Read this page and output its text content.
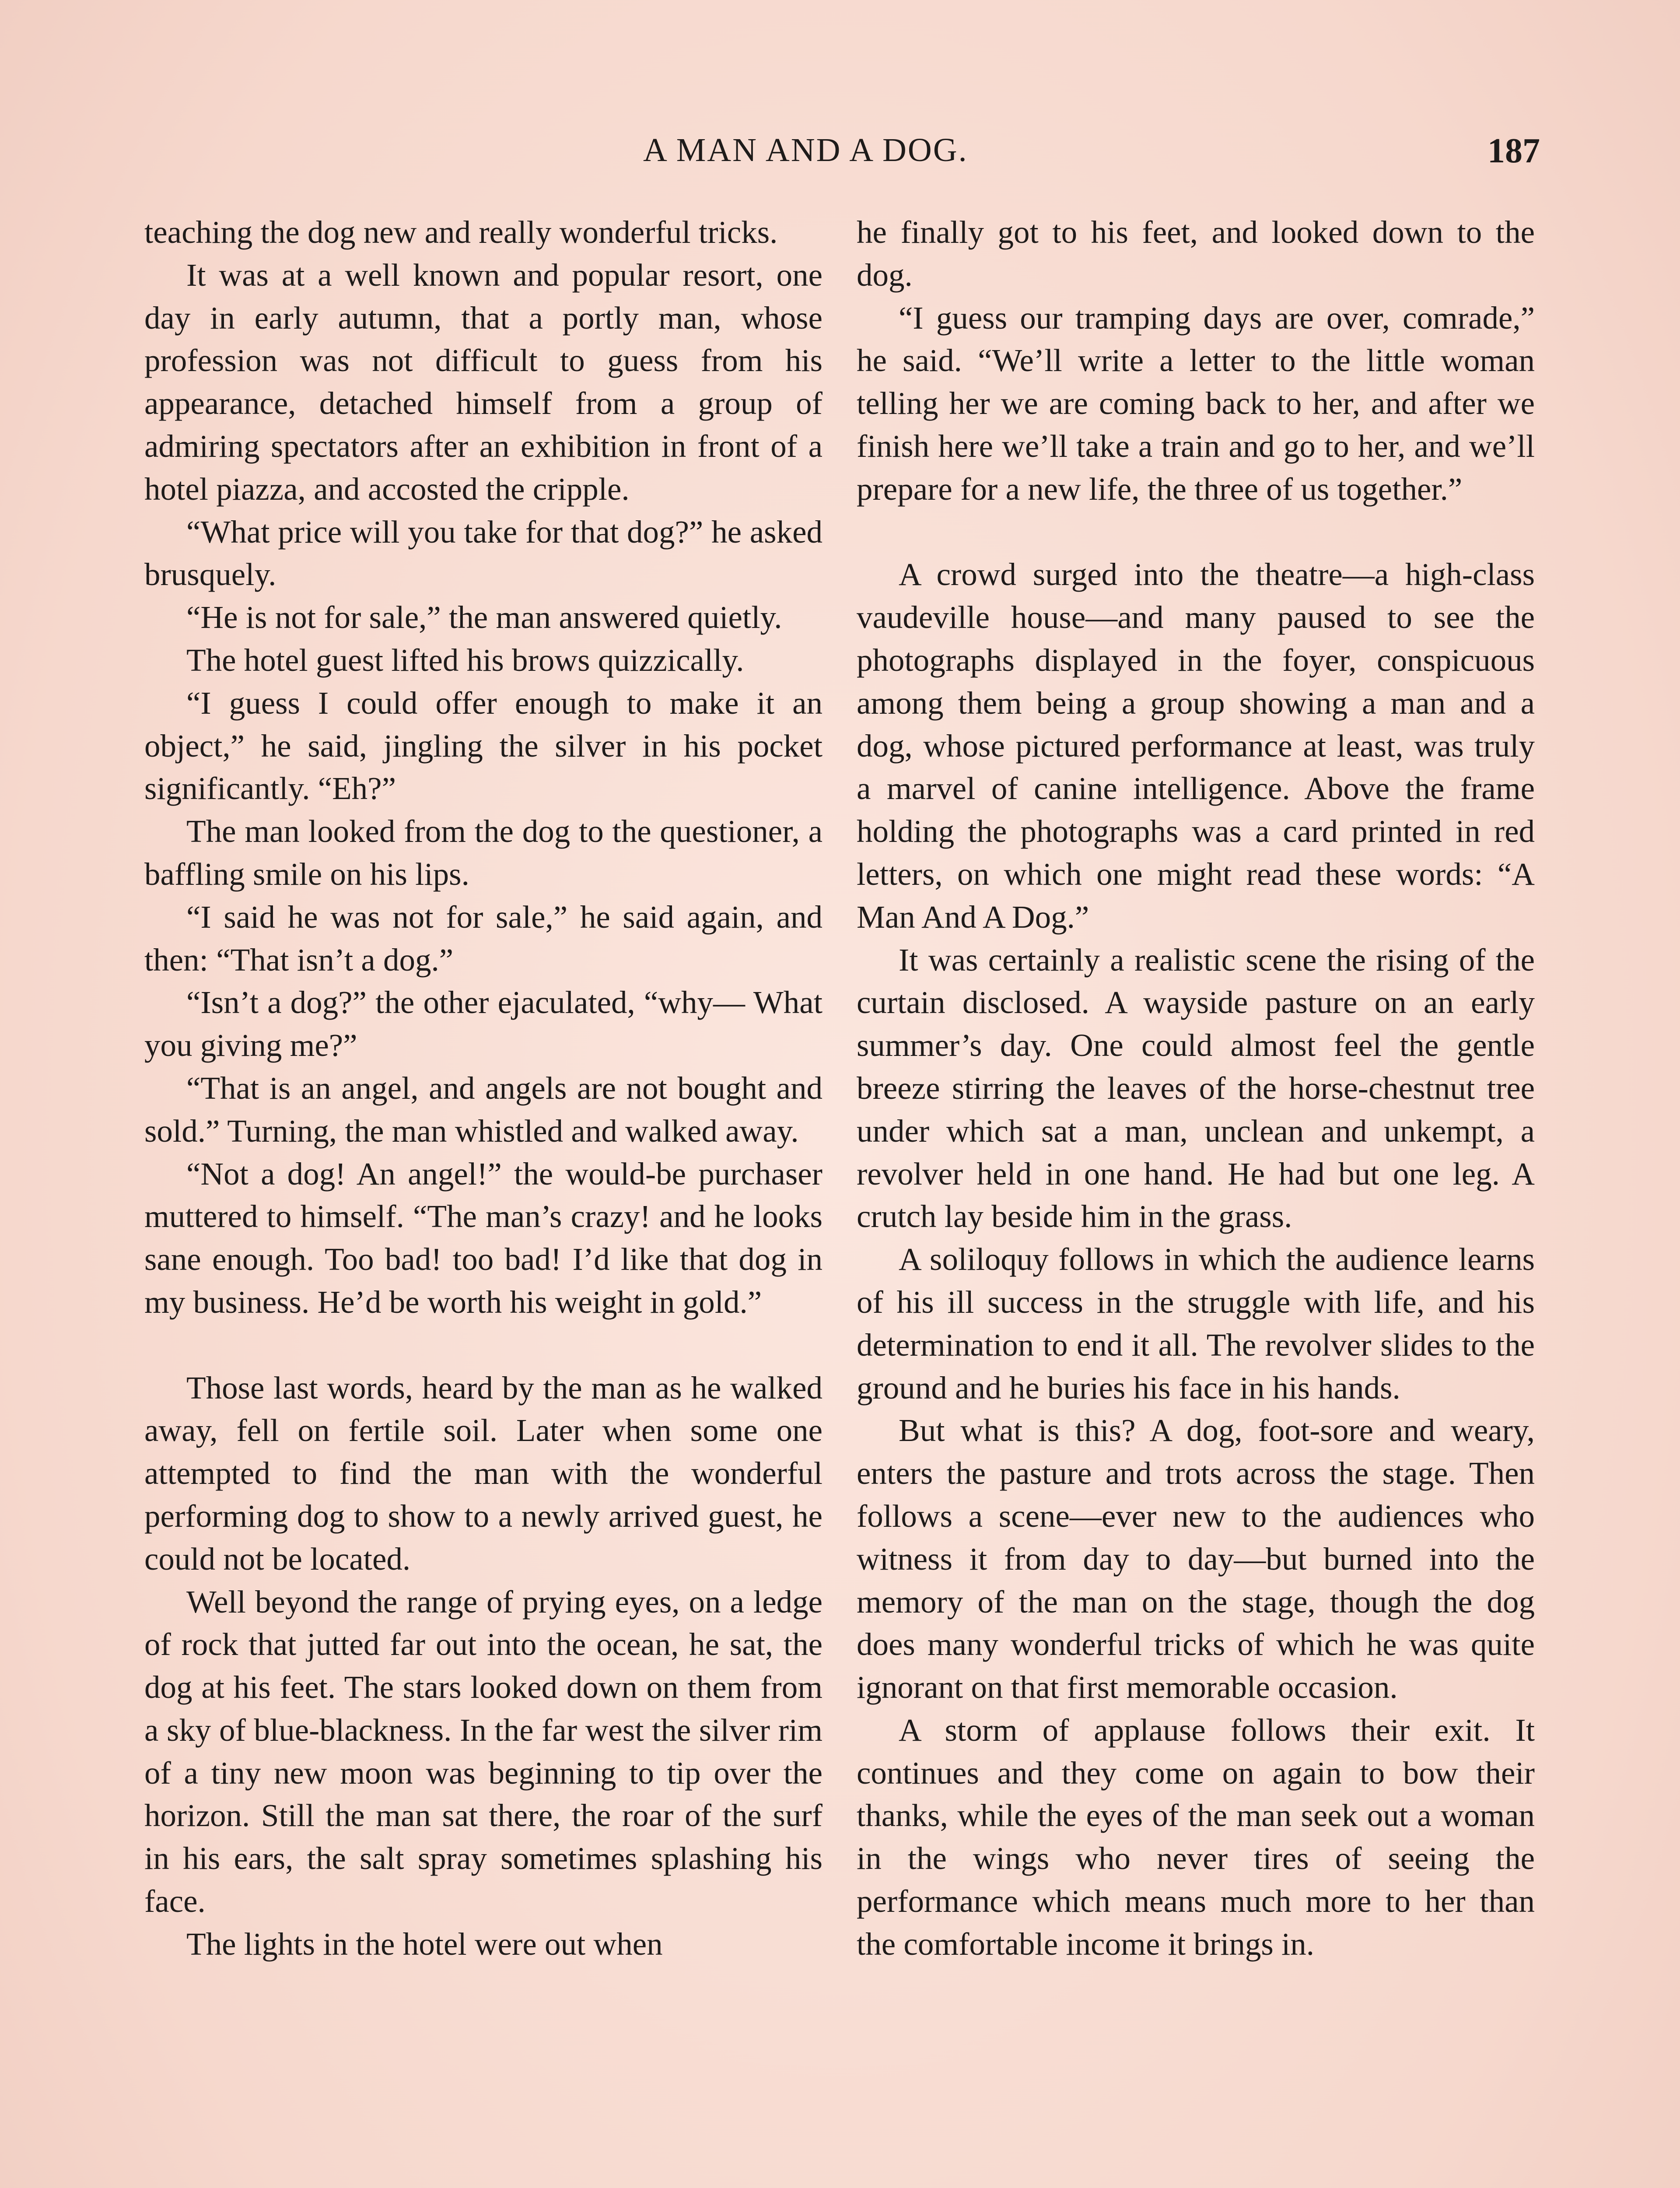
A MAN AND A DOG.	187

teaching the dog new and really wonderful tricks.

It was at a well known and popular resort, one day in early autumn, that a portly man, whose profession was not difficult to guess from his appearance, detached himself from a group of admiring spectators after an exhibition in front of a hotel piazza, and accosted the cripple.

“What price will you take for that dog?” he asked brusquely.

“He is not for sale,” the man answered quietly.

The hotel guest lifted his brows quizzically.

“I guess I could offer enough to make it an object,” he said, jingling the silver in his pocket significantly. “Eh?”

The man looked from the dog to the questioner, a baffling smile on his lips.

“I said he was not for sale,” he said again, and then: “That isn’t a dog.”

“Isn’t a dog?” the other ejaculated, “why— What you giving me?”

“That is an angel, and angels are not bought and sold.” Turning, the man whistled and walked away.

“Not a dog! An angel!” the would-be purchaser muttered to himself. “The man’s crazy! and he looks sane enough. Too bad! too bad! I’d like that dog in my business. He’d be worth his weight in gold.”

Those last words, heard by the man as he walked away, fell on fertile soil. Later when some one attempted to find the man with the wonderful performing dog to show to a newly arrived guest, he could not be located.

Well beyond the range of prying eyes, on a ledge of rock that jutted far out into the ocean, he sat, the dog at his feet. The stars looked down on them from a sky of blue-blackness. In the far west the silver rim of a tiny new moon was beginning to tip over the horizon. Still the man sat there, the roar of the surf in his ears, the salt spray sometimes splashing his face.

The lights in the hotel were out when

he finally got to his feet, and looked down to the dog.

“I guess our tramping days are over, comrade,” he said. “We’ll write a letter to the little woman telling her we are coming back to her, and after we finish here we’ll take a train and go to her, and we’ll prepare for a new life, the three of us together.”

A crowd surged into the theatre—a high-class vaudeville house—and many paused to see the photographs displayed in the foyer, conspicuous among them being a group showing a man and a dog, whose pictured performance at least, was truly a marvel of canine intelligence. Above the frame holding the photographs was a card printed in red letters, on which one might read these words: “A Man And A Dog.”

It was certainly a realistic scene the rising of the curtain disclosed. A wayside pasture on an early summer’s day. One could almost feel the gentle breeze stirring the leaves of the horse-chestnut tree under which sat a man, unclean and unkempt, a revolver held in one hand. He had but one leg. A crutch lay beside him in the grass.

A soliloquy follows in which the audience learns of his ill success in the struggle with life, and his determination to end it all. The revolver slides to the ground and he buries his face in his hands.

But what is this? A dog, foot-sore and weary, enters the pasture and trots across the stage. Then follows a scene—ever new to the audiences who witness it from day to day—but burned into the memory of the man on the stage, though the dog does many wonderful tricks of which he was quite ignorant on that first memorable occasion.

A storm of applause follows their exit. It continues and they come on again to bow their thanks, while the eyes of the man seek out a woman in the wings who never tires of seeing the performance which means much more to her than the comfortable income it brings in.
